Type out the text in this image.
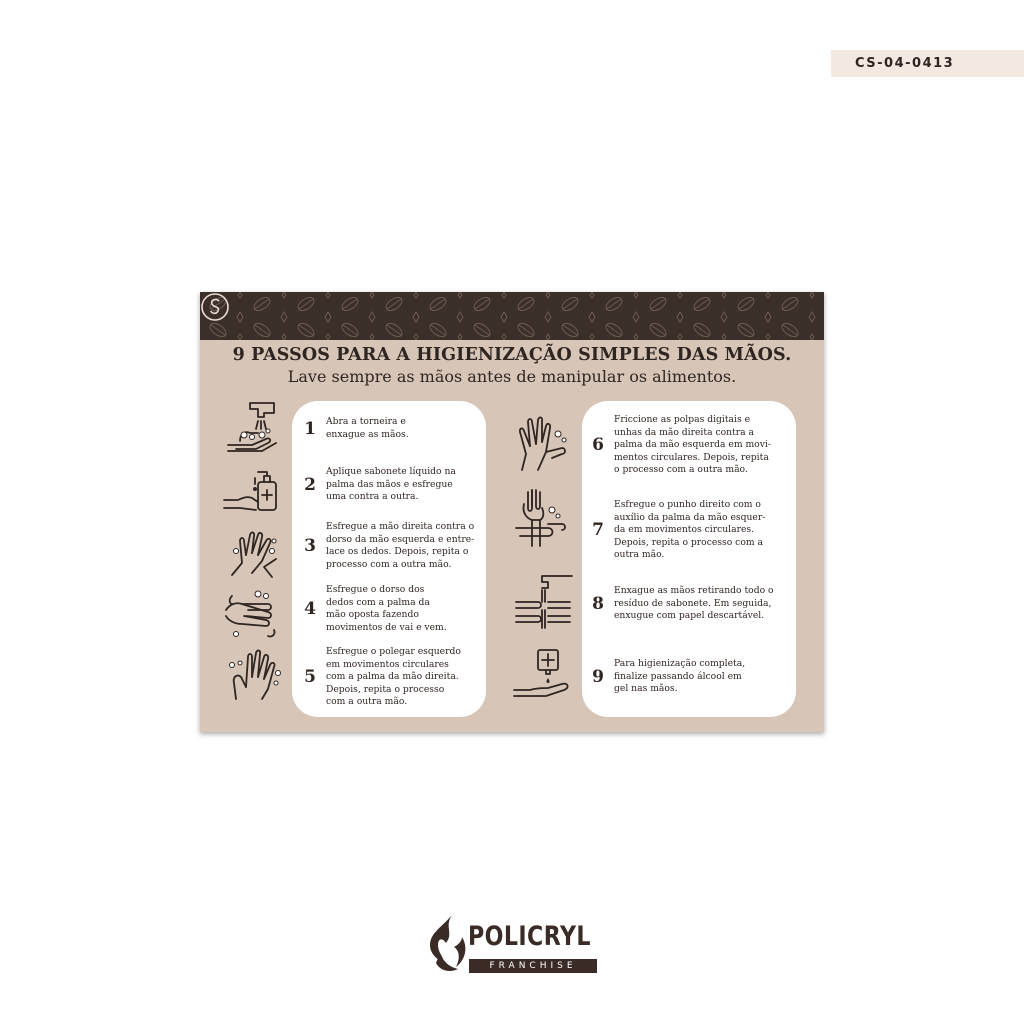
CS-04-0413
9 PASSOS PARA A HIGIENIZAÇÃO SIMPLES DAS MÃOS.
Lave sempre as mãos antes de manipular os alimentos.
1	Abra a torneira e
enxague as mãos.
2
Aplique sabonete líquido na
palma das mãos e esfregue
uma contra a outra.
3
Esfregue a mão direita contra o
dorso da mão esquerda e entre-
lace os dedos. Depois, repita o
processo com a outra mão.
4
Esfregue o dorso dos
dedos com a palma da
mão oposta fazendo
movimentos de vai e vem.
5
Esfregue o polegar esquerdo
em movimentos circulares
com a palma da mão direita.
Depois, repita o processo
com a outra mão.
6
Friccione as polpas digitais e
unhas da mão direita contra a
palma da mão esquerda em movi-
mentos circulares. Depois, repita
o processo com a outra mão.
7
Esfregue o punho direito com o
auxílio da palma da mão esquer-
da em movimentos circulares.
Depois, repita o processo com a
outra mão.
8
Enxague as mãos retirando todo o
resíduo de sabonete. Em seguida,
enxugue com papel descartável.
9
Para higienização completa,
finalize passando álcool em
gel nas mãos.
POLICRYL
FRANCHISE
